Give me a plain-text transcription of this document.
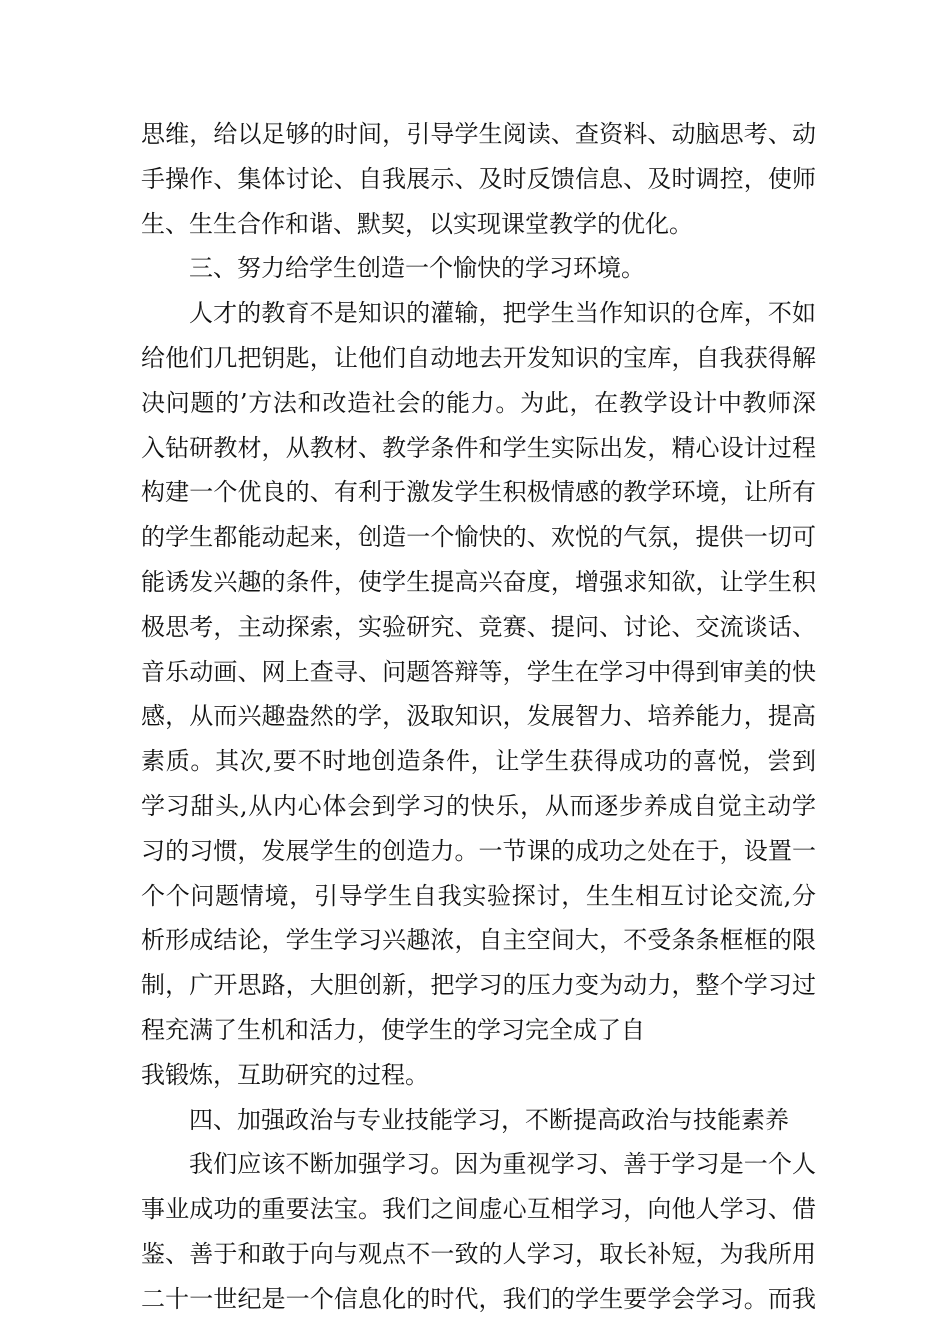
思维，给以足够的时间，引导学生阅读、查资料、动脑思考、动
手操作、集体讨论、自我展示、及时反馈信息、及时调控，使师
生、生生合作和谐、默契，以实现课堂教学的优化。
三、努力给学生创造一个愉快的学习环境。
人才的教育不是知识的灌输，把学生当作知识的仓库，不如
给他们几把钥匙，让他们自动地去开发知识的宝库，自我获得解
决问题的’方法和改造社会的能力。为此，在教学设计中教师深
入钻研教材，从教材、教学条件和学生实际出发，精心设计过程
构建一个优良的、有利于激发学生积极情感的教学环境，让所有
的学生都能动起来，创造一个愉快的、欢悦的气氛，提供一切可
能诱发兴趣的条件，使学生提高兴奋度，增强求知欲，让学生积
极思考，主动探索，实验研究、竞赛、提问、讨论、交流谈话、
音乐动画、网上查寻、问题答辩等，学生在学习中得到审美的快
感，从而兴趣盎然的学，汲取知识，发展智力、培养能力，提高
素质。其次,要不时地创造条件，让学生获得成功的喜悦，尝到
学习甜头,从内心体会到学习的快乐，从而逐步养成自觉主动学
习的习惯，发展学生的创造力。一节课的成功之处在于，设置一
个个问题情境，引导学生自我实验探讨，生生相互讨论交流,分
析形成结论，学生学习兴趣浓，自主空间大，不受条条框框的限
制，广开思路，大胆创新，把学习的压力变为动力，整个学习过
程充满了生机和活力，使学生的学习完全成了自
我锻炼，互助研究的过程。
四、加强政治与专业技能学习，不断提高政治与技能素养
我们应该不断加强学习。因为重视学习、善于学习是一个人
事业成功的重要法宝。我们之间虚心互相学习，向他人学习、借
鉴、善于和敢于向与观点不一致的人学习，取长补短，为我所用
二十一世纪是一个信息化的时代，我们的学生要学会学习。而我
